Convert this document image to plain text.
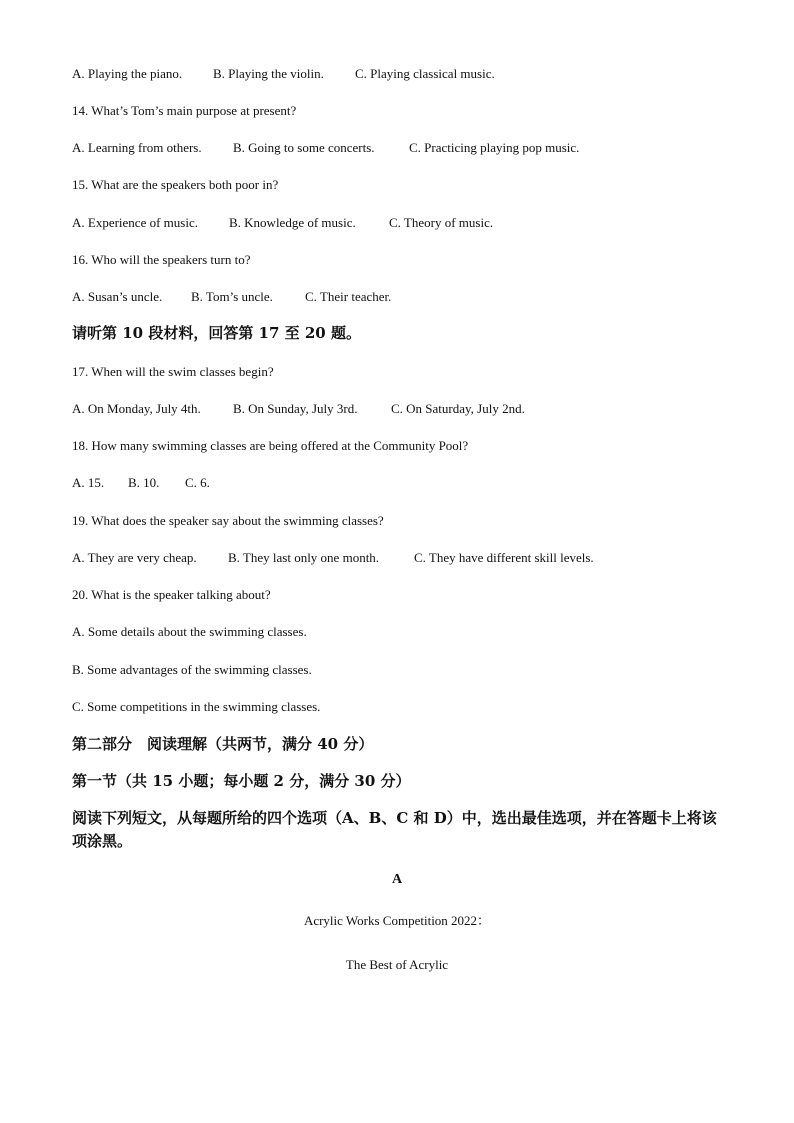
A. Playing the piano. B. Playing the violin. C. Playing classical music.
14. What’s Tom’s main purpose at present?
A. Learning from others. B. Going to some concerts.	C. Practicing playing pop music.
15. What are the speakers both poor in?
A. Experience of music. B. Knowledge of music.	C. Theory of music.
16. Who will the speakers turn to?
A. Susan’s uncle. B. Tom’s uncle. C. Their teacher.
请听第 10 段材料，回答第 17 至 20 题。
17. When will the swim classes begin?
A. On Monday, July 4th. B. On Sunday, July 3rd.	C. On Saturday, July 2nd.
18. How many swimming classes are being offered at the Community Pool?
A. 15. B. 10. C. 6.
19. What does the speaker say about the swimming classes?
A. They are very cheap. B. They last only one month.	C. They have different skill levels.
20. What is the speaker talking about?
A. Some details about the swimming classes.
B. Some advantages of the swimming classes.
C. Some competitions in the swimming classes.
第二部分　阅读理解（共两节，满分 40 分）
第一节（共 15 小题；每小题 2 分，满分 30 分）
阅读下列短文，从每题所给的四个选项（A、B、C 和 D）中，选出最佳选项，并在答题卡上将该项涂黑。
A
Acrylic Works Competition 2022：
The Best of Acrylic
